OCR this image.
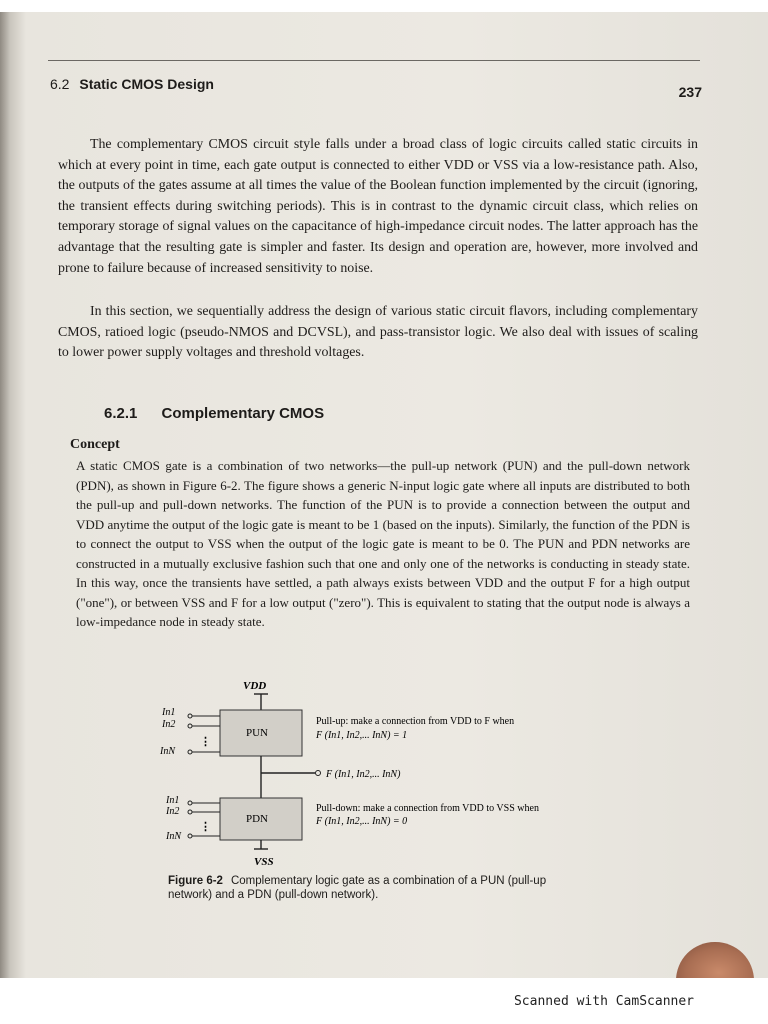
6.2 Static CMOS Design	237

The complementary CMOS circuit style falls under a broad class of logic circuits called static circuits in which at every point in time, each gate output is connected to either VDD or VSS via a low-resistance path. Also, the outputs of the gates assume at all times the value of the Boolean function implemented by the circuit (ignoring, the transient effects during switching periods). This is in contrast to the dynamic circuit class, which relies on temporary storage of signal values on the capacitance of high-impedance circuit nodes. The latter approach has the advantage that the resulting gate is simpler and faster. Its design and operation are, however, more involved and prone to failure because of increased sensitivity to noise.

In this section, we sequentially address the design of various static circuit flavors, including complementary CMOS, ratioed logic (pseudo-NMOS and DCVSL), and pass-transistor logic. We also deal with issues of scaling to lower power supply voltages and threshold voltages.

6.2.1 Complementary CMOS
Concept
A static CMOS gate is a combination of two networks—the pull-up network (PUN) and the pull-down network (PDN), as shown in Figure 6-2. The figure shows a generic N-input logic gate where all inputs are distributed to both the pull-up and pull-down networks. The function of the PUN is to provide a connection between the output and VDD anytime the output of the logic gate is meant to be 1 (based on the inputs). Similarly, the function of the PDN is to connect the output to VSS when the output of the logic gate is meant to be 0. The PUN and PDN networks are constructed in a mutually exclusive fashion such that one and only one of the networks is conducting in steady state. In this way, once the transients have settled, a path always exists between VDD and the output F for a high output ("one"), or between VSS and F for a low output ("zero"). This is equivalent to stating that the output node is always a low-impedance node in steady state.
VDD
PUN
In1
In2
InN
⋮
F (In1, In2,... InN)
PDN
In1
In2
InN
⋮
VSS
Pull-up: make a connection from VDD to F when
F (In1, In2,... InN) = 1
Pull-down: make a connection from VDD to VSS when
F (In1, In2,... InN) = 0
Figure 6-2 Complementary logic gate as a combination of a PUN (pull-up network) and a PDN (pull-down network).
Scanned with CamScanner
